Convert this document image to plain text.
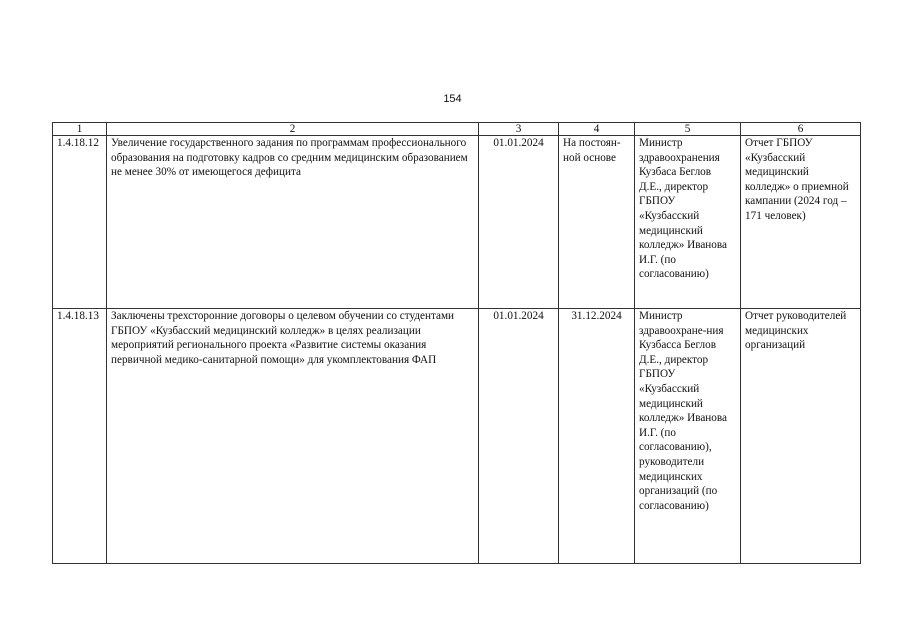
154
1	2	3	4	5	6
1.4.18.12	Увеличение государственного задания по программам профессионального образования на подготовку кадров со средним медицинским образованием не менее 30% от имеющегося дефицита	01.01.2024	На постоян-ной основе	Министр здравоохранения Кузбаса Беглов Д.Е., директор ГБПОУ «Кузбасский медицинский колледж» Иванова И.Г. (по согласованию)	Отчет ГБПОУ «Кузбасский медицинский колледж» о приемной кампании (2024 год – 171 человек)
1.4.18.13	Заключены трехсторонние договоры о целевом обучении со студентами ГБПОУ «Кузбасский медицинский колледж» в целях реализации мероприятий регионального проекта «Развитие системы оказания первичной медико-санитарной помощи» для укомплектования ФАП	01.01.2024	31.12.2024	Министр здравоохране-ния Кузбасса Беглов Д.Е., директор ГБПОУ «Кузбасский медицинский колледж» Иванова И.Г. (по согласованию), руководители медицинских организаций (по согласованию)	Отчет руководителей медицинских организаций
